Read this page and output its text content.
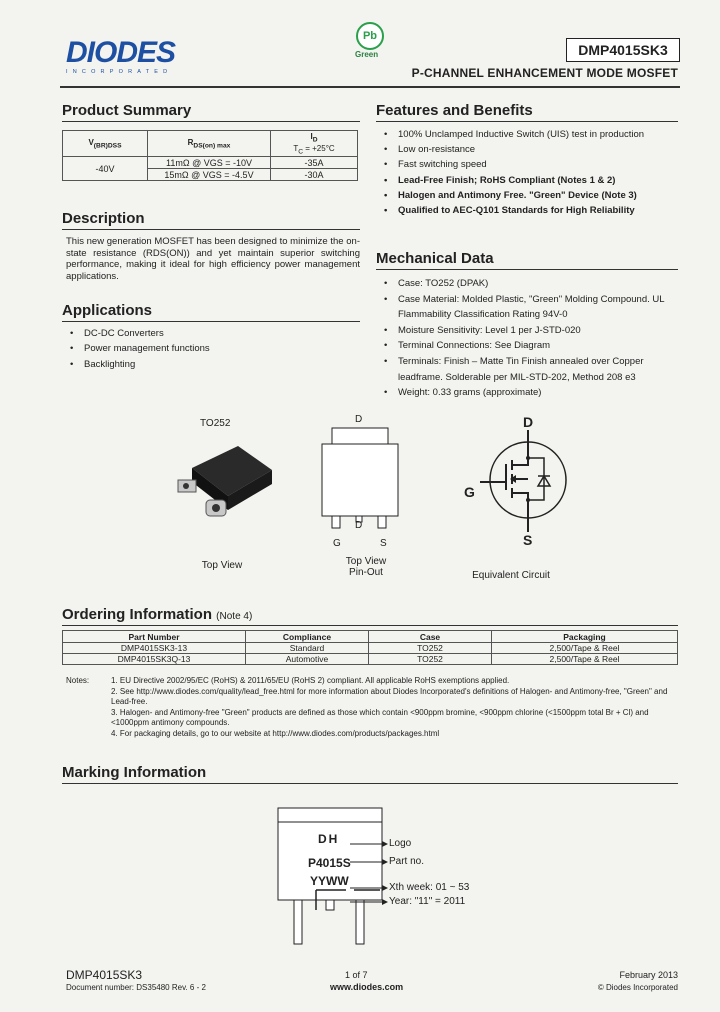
DIODES
INCORPORATED
Pb
Green	DMP4015SK3
P-CHANNEL ENHANCEMENT MODE MOSFET
Product Summary
$V_{(BR)DSS}$	$R_{DS(on) max}$	$I_D$
$T_C = +25^\circ C$
-40V	11mΩ @ VGS = -10V	-35A
	15mΩ @ VGS = -4.5V	-30A
Description
This new generation MOSFET has been designed to minimize the on-state resistance (RDS(ON)) and yet maintain superior switching performance, making it ideal for high efficiency power management applications.
Applications
• DC-DC Converters
• Power management functions
• Backlighting
Features and Benefits
• 100% Unclamped Inductive Switch (UIS) test in production
• Low on-resistance
• Fast switching speed
• Lead-Free Finish; RoHS Compliant (Notes 1 & 2)
• Halogen and Antimony Free. "Green" Device (Note 3)
• Qualified to AEC-Q101 Standards for High Reliability
Mechanical Data
• Case: TO252 (DPAK)
• Case Material: Molded Plastic, "Green" Molding Compound. UL Flammability Classification Rating 94V-0
• Moisture Sensitivity: Level 1 per J-STD-020
• Terminal Connections: See Diagram
• Terminals: Finish – Matte Tin Finish annealed over Copper leadframe. Solderable per MIL-STD-202, Method 208 e3
• Weight: 0.33 grams (approximate)
TO252
Top View
D
G
D
S
Top View
Pin-Out
D
G
S
Equivalent Circuit
Ordering Information (Note 4)
Part Number	Compliance	Case	Packaging
DMP4015SK3-13	Standard	TO252	2,500/Tape & Reel
DMP4015SK3Q-13	Automotive	TO252	2,500/Tape & Reel
Notes:	1. EU Directive 2002/95/EC (RoHS) & 2011/65/EU (RoHS 2) compliant. All applicable RoHS exemptions applied.
2. See http://www.diodes.com/quality/lead_free.html for more information about Diodes Incorporated's definitions of Halogen- and Antimony-free, "Green" and Lead-free.
3. Halogen- and Antimony-free "Green" products are defined as those which contain <900ppm bromine, <900ppm chlorine (<1500ppm total Br + Cl) and <1000ppm antimony compounds.
4. For packaging details, go to our website at http://www.diodes.com/products/packages.html
Marking Information
DH
P4015S
YYWW
Logo
Part no.
Xth week: 01 ~ 53
Year: "11" = 2011
DMP4015SK3
Document number: DS35480 Rev. 6 - 2
1 of 7
www.diodes.com
February 2013
© Diodes Incorporated
